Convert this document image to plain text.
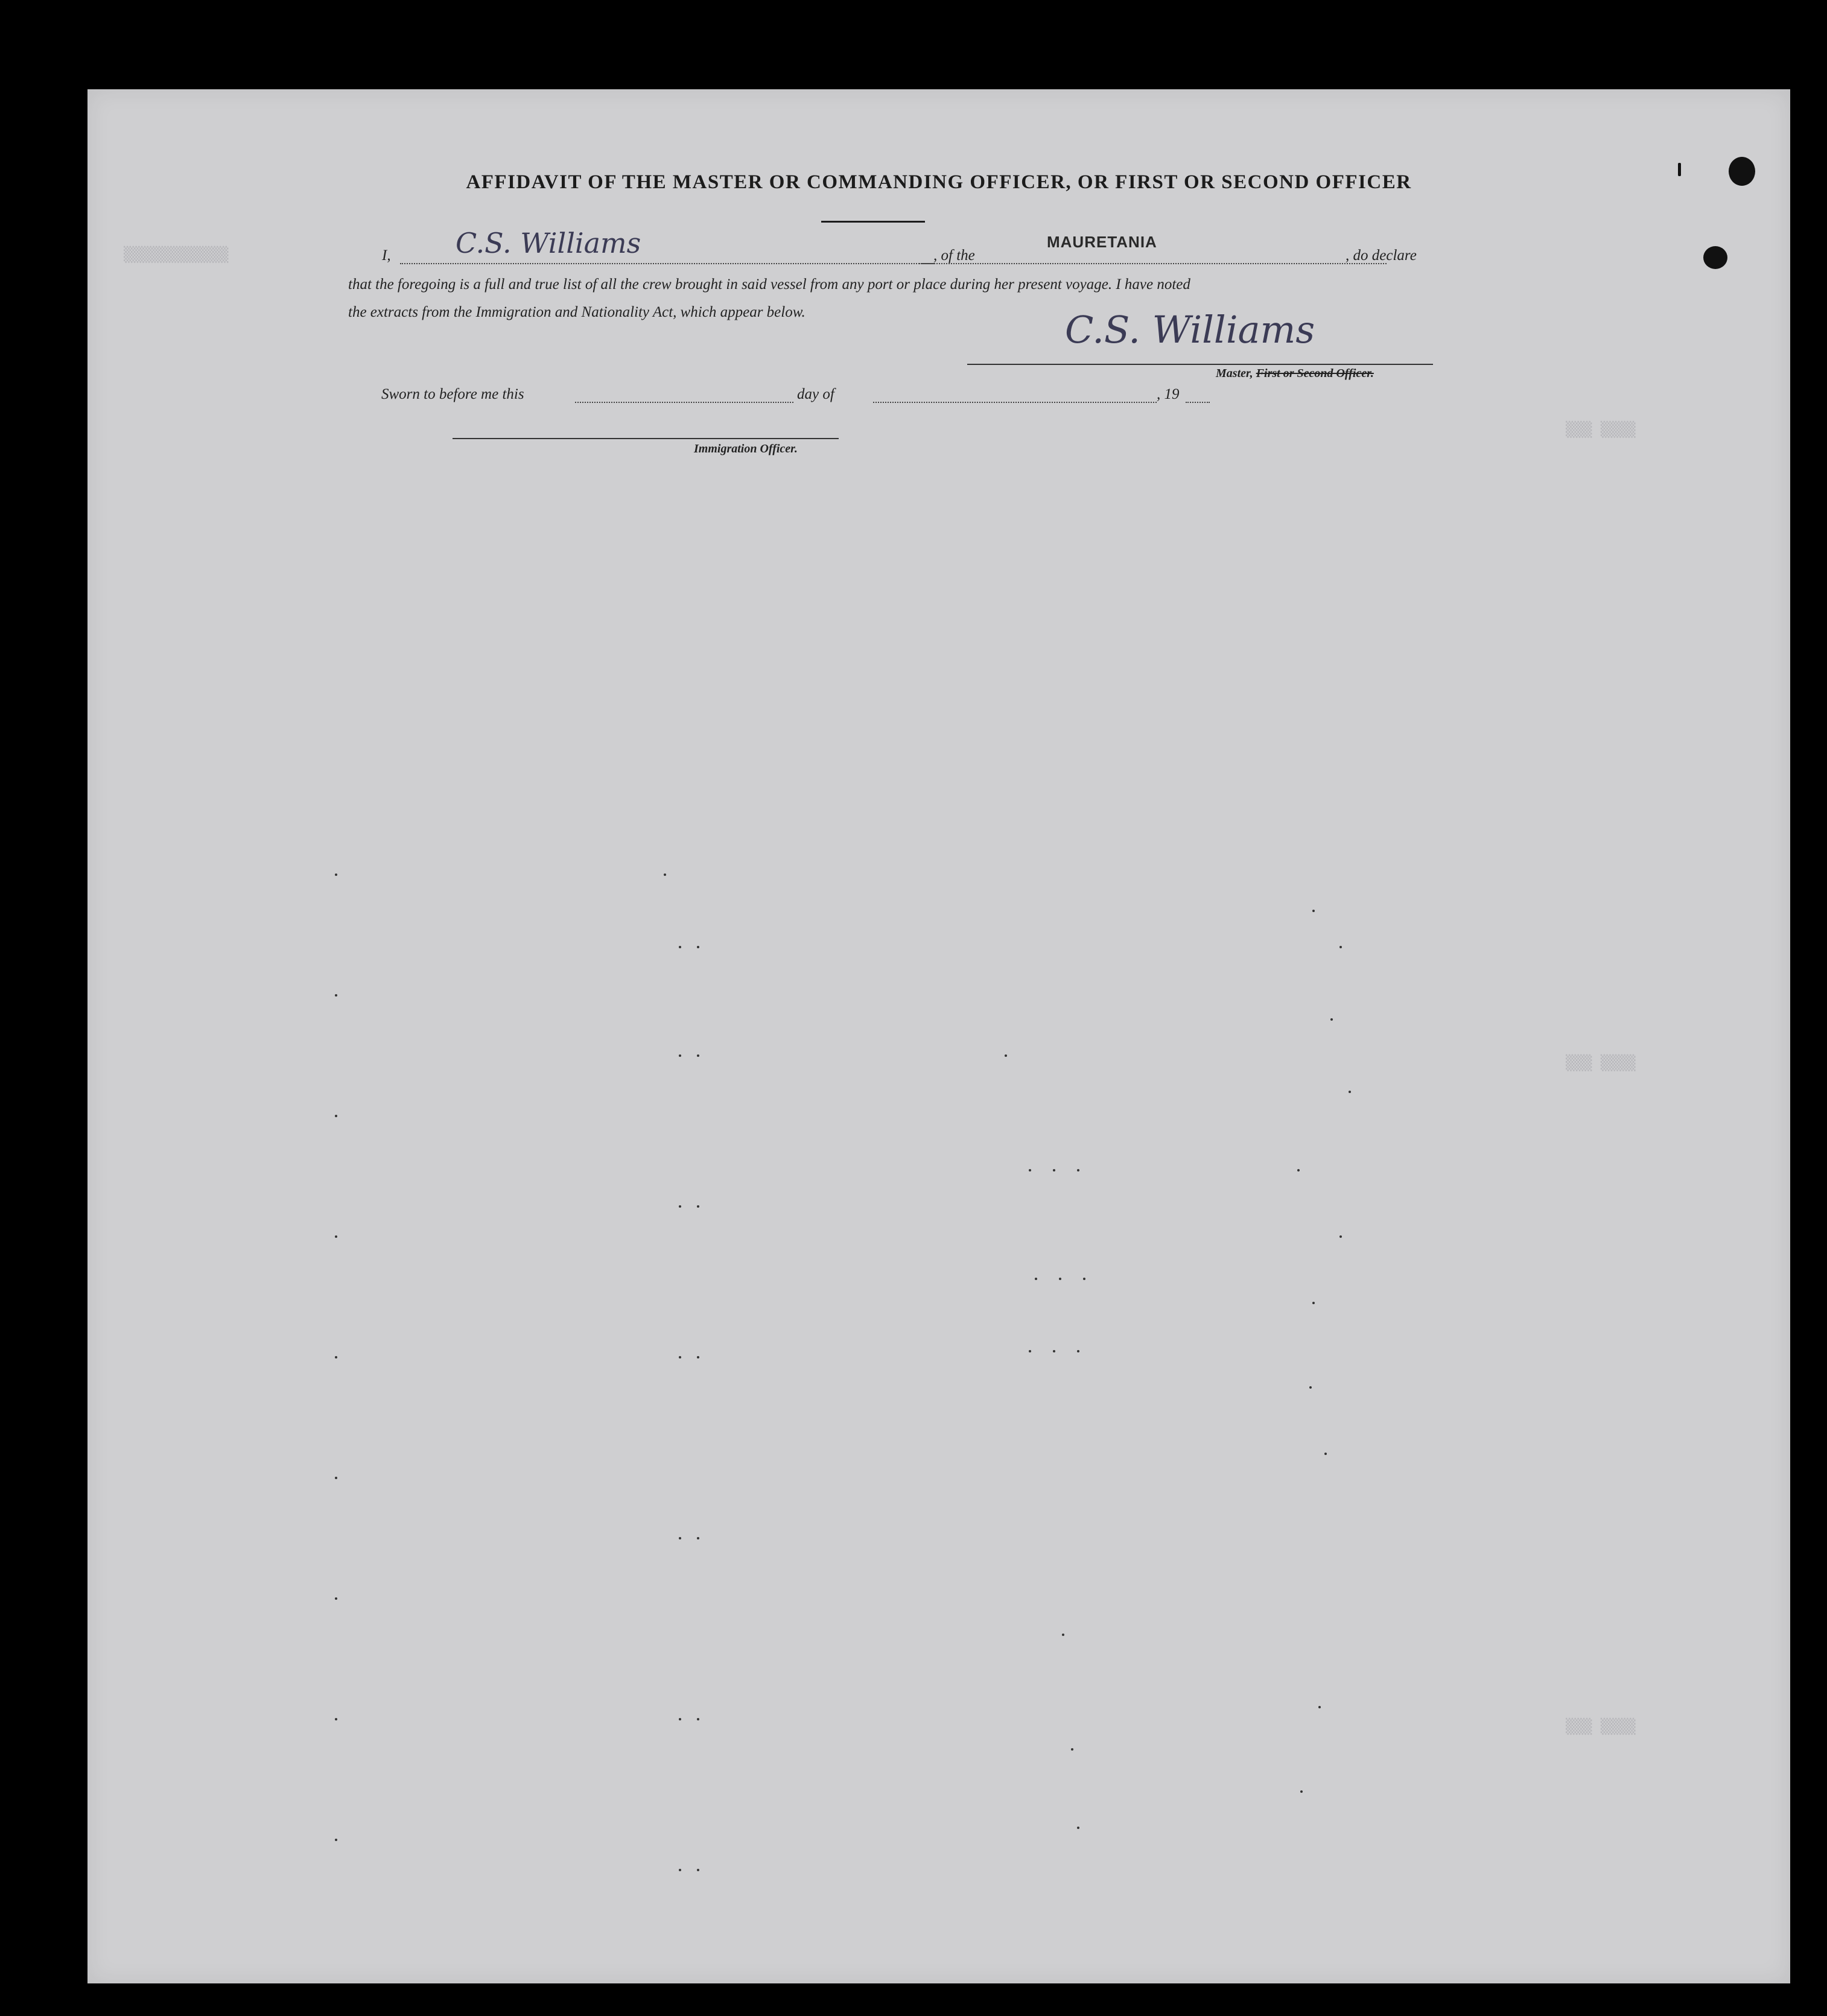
▒▒▒▒▒▒▒▒▒▒▒▒
▒▒▒ ▒▒▒▒
▒▒▒ ▒▒▒▒
▒▒▒ ▒▒▒▒
AFFIDAVIT OF THE MASTER OR COMMANDING OFFICER, OR FIRST OR SECOND OFFICER
I, C.S. Williams	, of the
MAURETANIA
, do declare
that the foregoing is a full and true list of all the crew brought in said vessel from any port or place during her present voyage. I have noted
the extracts from the Immigration and Nationality Act, which appear below.	C.S. Williams
Master, First or Second Officer.
Sworn to before me this	day of	, 19
Immigration Officer.
